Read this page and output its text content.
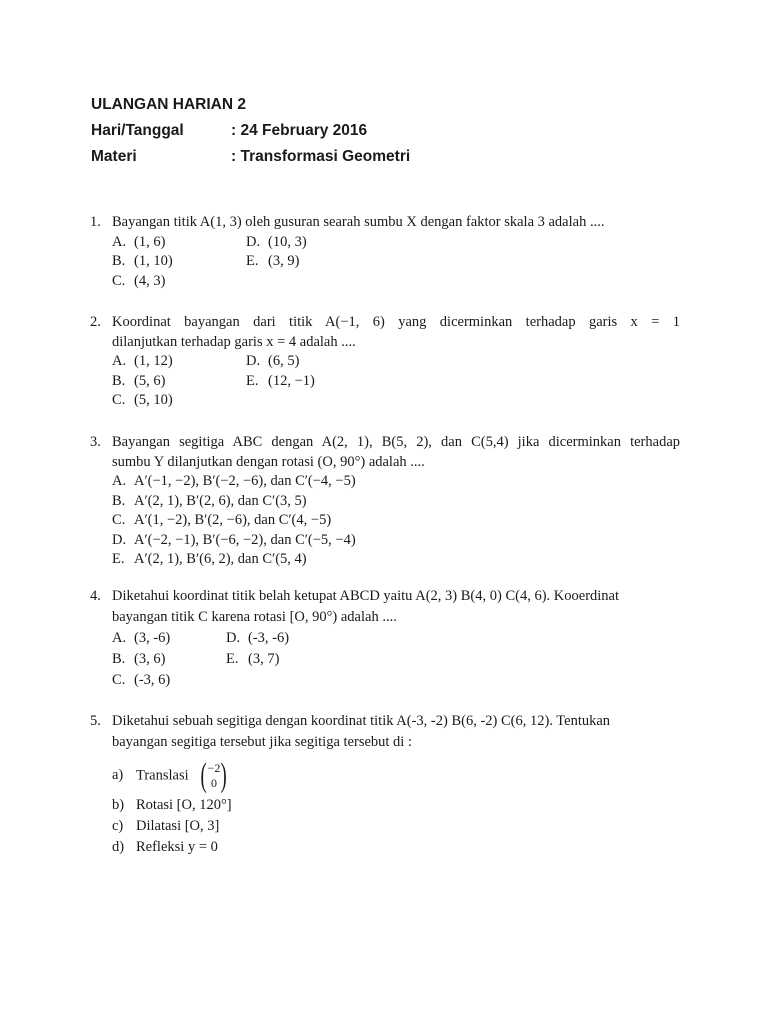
ULANGAN HARIAN 2
Hari/Tanggal	: 24 February 2016
Materi	: Transformasi Geometri
1. Bayangan titik A(1, 3) oleh gusuran searah sumbu X dengan faktor skala 3 adalah ....
A. (1, 6)	D. (10, 3)
B. (1, 10)	E. (3, 9)
C. (4, 3)
2. Koordinat bayangan dari titik A(−1, 6) yang dicerminkan terhadap garis x = 1
dilanjutkan terhadap garis x = 4 adalah ....
A. (1, 12)	D. (6, 5)
B. (5, 6)	E. (12, −1)
C. (5, 10)
3. Bayangan segitiga ABC dengan A(2, 1), B(5, 2), dan C(5,4) jika dicerminkan terhadap
sumbu Y dilanjutkan dengan rotasi (O, 90°) adalah ....
A. A′(−1, −2), B′(−2, −6), dan C′(−4, −5)
B. A′(2, 1), B′(2, 6), dan C′(3, 5)
C. A′(1, −2), B′(2, −6), dan C′(4, −5)
D. A′(−2, −1), B′(−6, −2), dan C′(−5, −4)
E. A′(2, 1), B′(6, 2), dan C′(5, 4)
4. Diketahui koordinat titik belah ketupat ABCD yaitu A(2, 3) B(4, 0) C(4, 6). Kooerdinat
bayangan titik C karena rotasi [O, 90°) adalah ....
A. (3, -6)	D. (-3, -6)
B. (3, 6)	E. (3, 7)
C. (-3, 6)
5. Diketahui sebuah segitiga dengan koordinat titik A(-3, -2) B(6, -2) C(6, 12). Tentukan
bayangan segitiga tersebut jika segitiga tersebut di :
a) Translasi ( −2
0 )
b) Rotasi [O, 120°]
c) Dilatasi [O, 3]
d) Refleksi y = 0
